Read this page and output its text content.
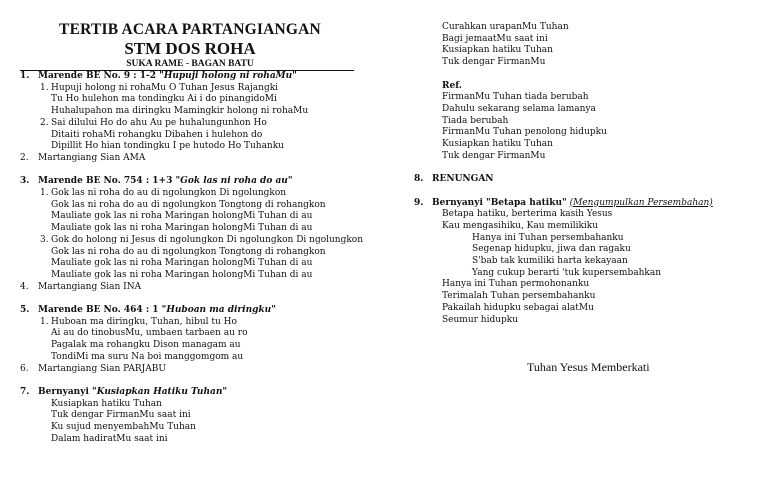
TERTIB ACARA PARTANGIANGAN
STM DOS ROHA
SUKA RAME - BAGAN BATU
1. Marende BE No. 9 : 1-2 "Hupuji holong ni rohaMu"
1. Hupuji holong ni rohaMu O Tuhan Jesus Rajangki
Tu Ho hulehon ma tondingku Ai i do pinangidoMi
Huhalupahon ma diringku Mamingkir holong ni rohaMu
2. Sai dilului Ho do ahu Au pe huhalungunhon Ho
Ditaiti rohaMi rohangku Dibahen i hulehon do
Dipillit Ho hian tondingku I pe hutodo Ho Tuhanku
2. Martangiang Sian AMA
3. Marende BE No. 754 : 1+3 "Gok las ni roha do au"
1. Gok las ni roha do au di ngolungkon Di ngolungkon
Gok las ni roha do au di ngolungkon Tongtong di rohangkon
Mauliate gok las ni roha Maringan holongMi Tuhan di au
Mauliate gok las ni roha Maringan holongMi Tuhan di au
3. Gok do holong ni Jesus di ngolungkon Di ngolungkon Di ngolungkon
Gok las ni roha do au di ngolungkon Tongtong di rohangkon
Mauliate gok las ni roha Maringan holongMi Tuhan di au
Mauliate gok las ni roha Maringan holongMi Tuhan di au
4. Martangiang Sian INA
5. Marende BE No. 464 : 1 "Huboan ma diringku"
1. Huboan ma diringku, Tuhan, hibul tu Ho
Ai au do tinobusMu, umbaen tarbaen au ro
Pagalak ma rohangku Dison managam au
TondiMi ma suru Na boi manggomgom au
6. Martangiang Sian PARJABU
7. Bernyanyi "Kusiapkan Hatiku Tuhan"
Kusiapkan hatiku Tuhan
Tuk dengar FirmanMu saat ini
Ku sujud menyembahMu Tuhan
Dalam hadiratMu saat ini
Curahkan urapanMu Tuhan
Bagi jemaatMu saat ini
Kusiapkan hatiku Tuhan
Tuk dengar FirmanMu
Ref.
FirmanMu Tuhan tiada berubah
Dahulu sekarang selama lamanya
Tiada berubah
FirmanMu Tuhan penolong hidupku
Kusiapkan hatiku Tuhan
Tuk dengar FirmanMu
8. RENUNGAN
9. Bernyanyi "Betapa hatiku" (Mengumpulkan Persembahan)
Betapa hatiku, berterima kasih Yesus
Kau mengasihiku, Kau memilikiku
Hanya ini Tuhan persembahanku
Segenap hidupku, jiwa dan ragaku
S'bab tak kumiliki harta kekayaan
Yang cukup berarti 'tuk kupersembahkan
Hanya ini Tuhan permohonanku
Terimalah Tuhan persembahanku
Pakailah hidupku sebagai alatMu
Seumur hidupku
Tuhan Yesus Memberkati
